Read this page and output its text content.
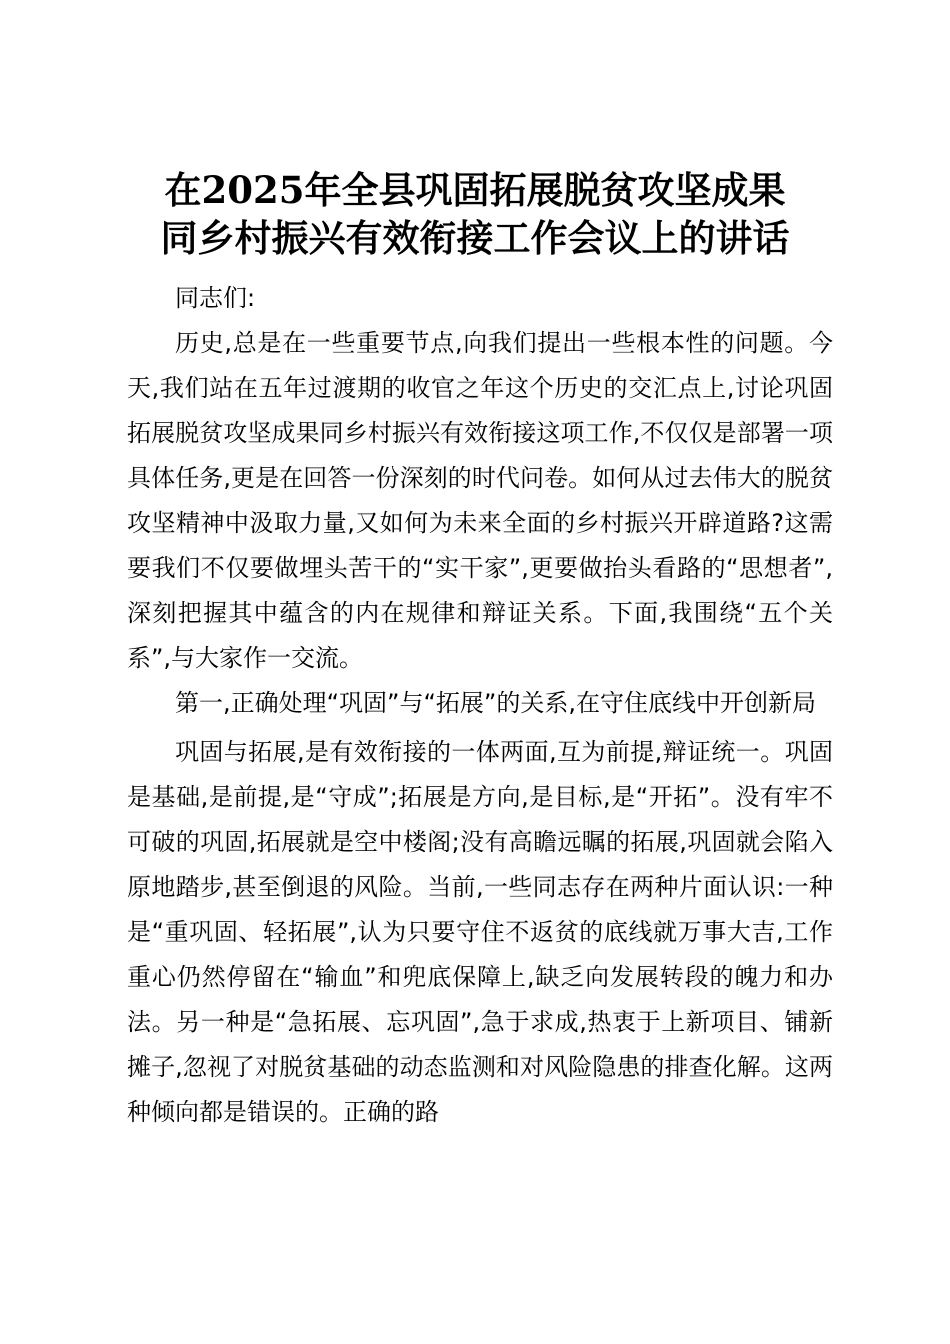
在2025年全县巩固拓展脱贫攻坚成果
同乡村振兴有效衔接工作会议上的讲话

同志们:

历史,总是在一些重要节点,向我们提出一些根本性的问题。今天,我们站在五年过渡期的收官之年这个历史的交汇点上,讨论巩固拓展脱贫攻坚成果同乡村振兴有效衔接这项工作,不仅仅是部署一项具体任务,更是在回答一份深刻的时代问卷。如何从过去伟大的脱贫攻坚精神中汲取力量,又如何为未来全面的乡村振兴开辟道路?这需要我们不仅要做埋头苦干的“实干家”,更要做抬头看路的“思想者”,深刻把握其中蕴含的内在规律和辩证关系。下面,我围绕“五个关系”,与大家作一交流。

第一,正确处理“巩固”与“拓展”的关系,在守住底线中开创新局

巩固与拓展,是有效衔接的一体两面,互为前提,辩证统一。巩固是基础,是前提,是“守成”;拓展是方向,是目标,是“开拓”。没有牢不可破的巩固,拓展就是空中楼阁;没有高瞻远瞩的拓展,巩固就会陷入原地踏步,甚至倒退的风险。当前,一些同志存在两种片面认识:一种是“重巩固、轻拓展”,认为只要守住不返贫的底线就万事大吉,工作重心仍然停留在“输血”和兜底保障上,缺乏向发展转段的魄力和办法。另一种是“急拓展、忘巩固”,急于求成,热衷于上新项目、铺新摊子,忽视了对脱贫基础的动态监测和对风险隐患的排查化解。这两种倾向都是错误的。正确的路
